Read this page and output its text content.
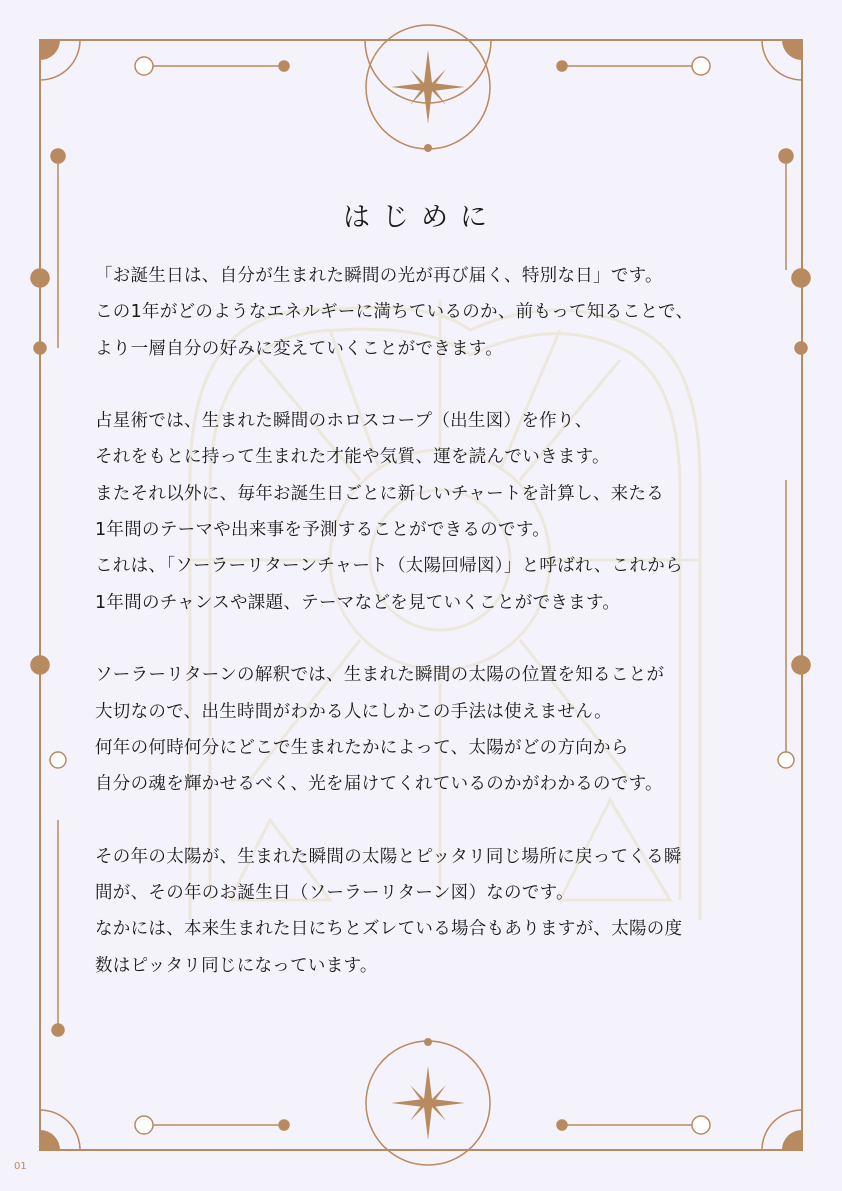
はじめに

「お誕生日は、自分が生まれた瞬間の光が再び届く、特別な日」です。
この1年がどのようなエネルギーに満ちているのか、前もって知ることで、
より一層自分の好みに変えていくことができます。

占星術では、生まれた瞬間のホロスコープ（出生図）を作り、
それをもとに持って生まれた才能や気質、運を読んでいきます。
またそれ以外に、毎年お誕生日ごとに新しいチャートを計算し、来たる
1年間のテーマや出来事を予測することができるのです。
これは、「ソーラーリターンチャート（太陽回帰図）」と呼ばれ、これから
1年間のチャンスや課題、テーマなどを見ていくことができます。

ソーラーリターンの解釈では、生まれた瞬間の太陽の位置を知ることが
大切なので、出生時間がわかる人にしかこの手法は使えません。
何年の何時何分にどこで生まれたかによって、太陽がどの方向から
自分の魂を輝かせるべく、光を届けてくれているのかがわかるのです。

その年の太陽が、生まれた瞬間の太陽とピッタリ同じ場所に戻ってくる瞬
間が、その年のお誕生日（ソーラーリターン図）なのです。
なかには、本来生まれた日にちとズレている場合もありますが、太陽の度
数はピッタリ同じになっています。

01
